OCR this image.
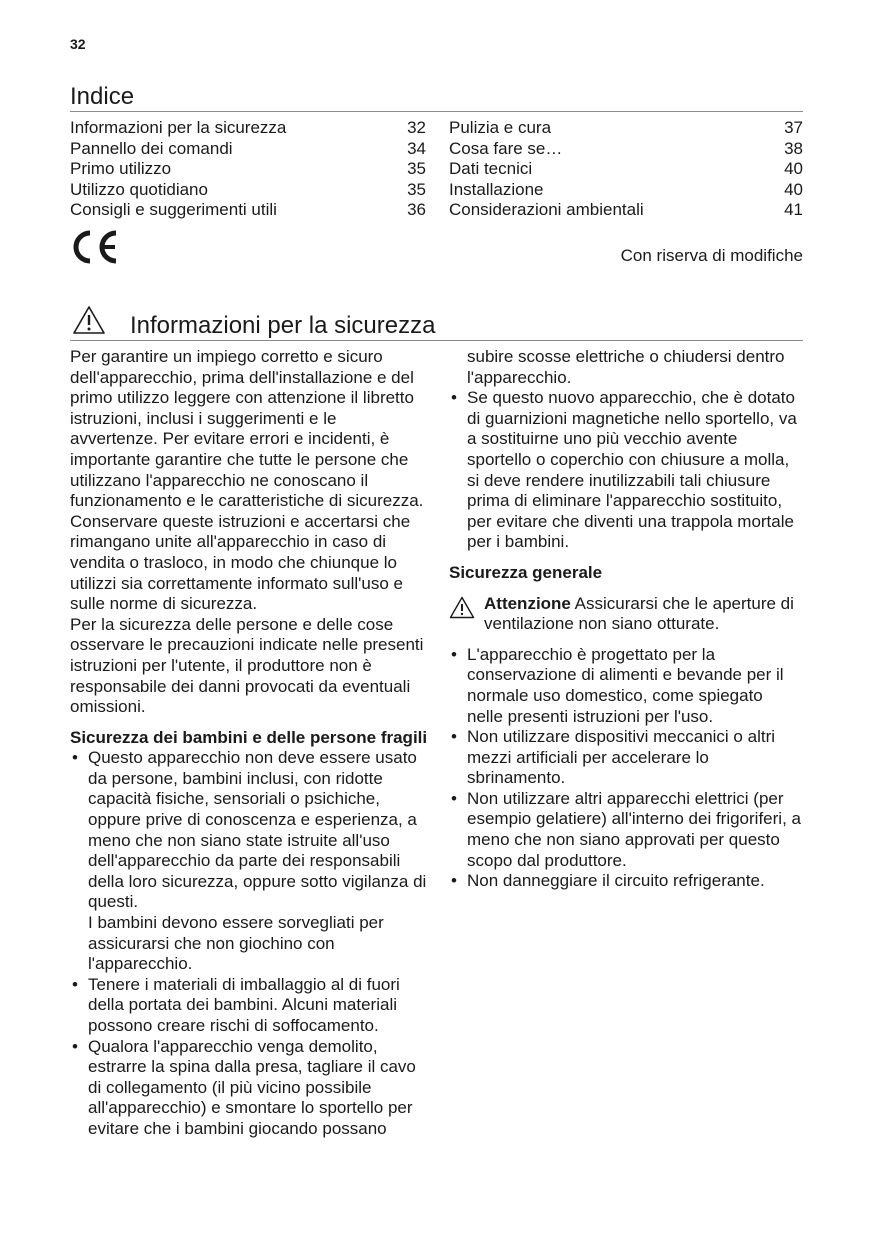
32
Indice
Informazioni per la sicurezza	32
Pannello dei comandi	34
Primo utilizzo	35
Utilizzo quotidiano	35
Consigli e suggerimenti utili	36
Pulizia e cura	37
Cosa fare se…	38
Dati tecnici	40
Installazione	40
Considerazioni ambientali	41
Con riserva di modifiche
Informazioni per la sicurezza

Per garantire un impiego corretto e sicuro dell'apparecchio, prima dell'installazione e del primo utilizzo leggere con attenzione il libretto istruzioni, inclusi i suggerimenti e le avvertenze. Per evitare errori e incidenti, è importante garantire che tutte le persone che utilizzano l'apparecchio ne conoscano il funzionamento e le caratteristiche di sicurezza. Conservare queste istruzioni e accertarsi che rimangano unite all'apparecchio in caso di vendita o trasloco, in modo che chiunque lo utilizzi sia correttamente informato sull'uso e sulle norme di sicurezza.

Per la sicurezza delle persone e delle cose osservare le precauzioni indicate nelle presenti istruzioni per l'utente, il produttore non è responsabile dei danni provocati da eventuali omissioni.

Sicurezza dei bambini e delle persone fragili

• Questo apparecchio non deve essere usato da persone, bambini inclusi, con ridotte capacità fisiche, sensoriali o psichiche, oppure prive di conoscenza e esperienza, a meno che non siano state istruite all'uso dell'apparecchio da parte dei responsabili della loro sicurezza, oppure sotto vigilanza di questi.
I bambini devono essere sorvegliati per assicurarsi che non giochino con l'apparecchio.
• Tenere i materiali di imballaggio al di fuori della portata dei bambini. Alcuni materiali possono creare rischi di soffocamento.
• Qualora l'apparecchio venga demolito, estrarre la spina dalla presa, tagliare il cavo di collegamento (il più vicino possibile all'apparecchio) e smontare lo sportello per evitare che i bambini giocando possano

subire scosse elettriche o chiudersi dentro l'apparecchio.

• Se questo nuovo apparecchio, che è dotato di guarnizioni magnetiche nello sportello, va a sostituirne uno più vecchio avente sportello o coperchio con chiusure a molla, si deve rendere inutilizzabili tali chiusure prima di eliminare l'apparecchio sostituito, per evitare che diventi una trappola mortale per i bambini.

Sicurezza generale

Attenzione Assicurarsi che le aperture di ventilazione non siano otturate.
• L'apparecchio è progettato per la conservazione di alimenti e bevande per il normale uso domestico, come spiegato nelle presenti istruzioni per l'uso.
• Non utilizzare dispositivi meccanici o altri mezzi artificiali per accelerare lo sbrinamento.
• Non utilizzare altri apparecchi elettrici (per esempio gelatiere) all'interno dei frigoriferi, a meno che non siano approvati per questo scopo dal produttore.
• Non danneggiare il circuito refrigerante.
